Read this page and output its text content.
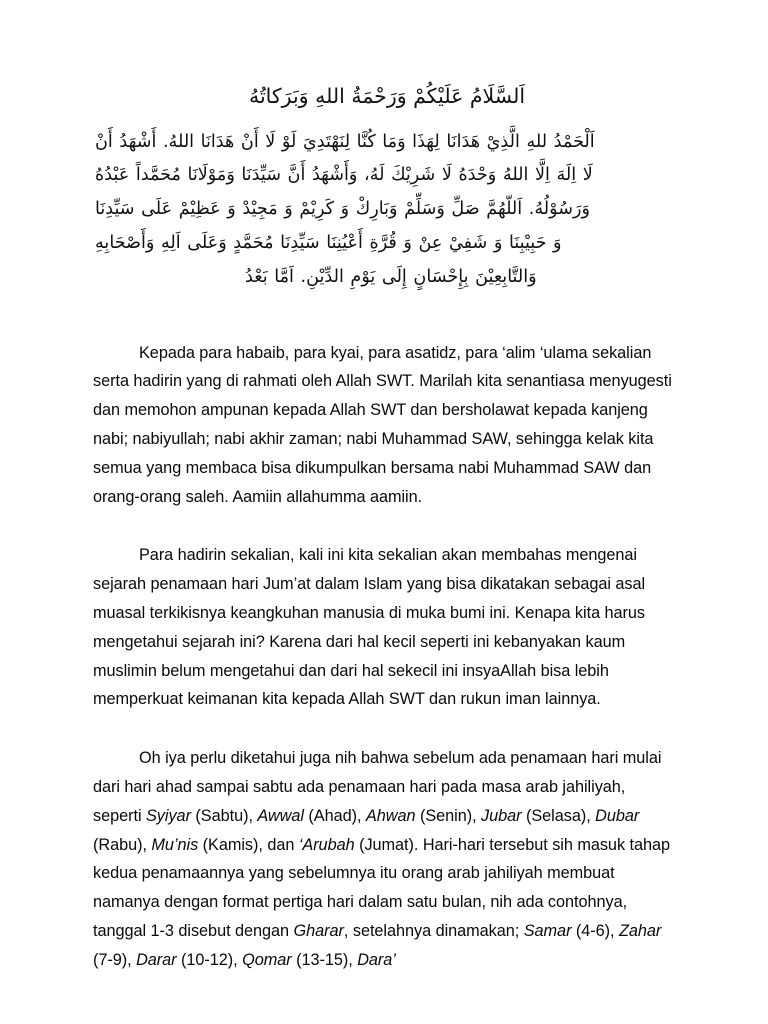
اَلسَّلَامُ عَلَيْكُمْ وَرَحْمَةُ اللهِ وَبَرَكاتُهُ
اَلْحَمْدُ للهِ الَّذِيْ هَدَانَا لِهَذَا وَمَا كُنَّا لِنَهْتَدِيَ لَوْ لَا أَنْ هَدَانَا اللهُ. أَشْهَدُ أَنْ
لَا اِلَهَ اِلَّا اللهُ وَحْدَهُ لَا شَرِيْكَ لَهُ، وَأَشْهَدُ أَنَّ سَيِّدَنَا وَمَوْلَانَا مُحَمَّداً عَبْدُهُ
وَرَسُوْلُهُ. اَللّهُمَّ صَلِّ وَسَلِّمْ وَبَارِكْ وَ كَرِيْمْ وَ مَجِيْدْ وَ عَظِيْمْ عَلَى سَيِّدِنَا
وَ حَبِيْبِنَا وَ شَفِيْ عِنْ وَ قُرَّةِ أَعْيُنِنَا سَيِّدِنَا مُحَمَّدٍ وَعَلَى اَلِهِ وَأَصْحَابِهِ
وَالتَّابِعِيْنَ بِإِحْسَانٍ إِلَى يَوْمِ الدِّيْنِ. اَمَّا بَعْدُ

Kepada para habaib, para kyai, para asatidz, para ‘alim ‘ulama sekalian serta hadirin yang di rahmati oleh Allah SWT. Marilah kita senantiasa menyugesti dan memohon ampunan kepada Allah SWT dan bersholawat kepada kanjeng nabi; nabiyullah; nabi akhir zaman; nabi Muhammad SAW, sehingga kelak kita semua yang membaca bisa dikumpulkan bersama nabi Muhammad SAW dan orang-orang saleh. Aamiin allahumma aamiin.

Para hadirin sekalian, kali ini kita sekalian akan membahas mengenai sejarah penamaan hari Jum’at dalam Islam yang bisa dikatakan sebagai asal muasal terkikisnya keangkuhan manusia di muka bumi ini. Kenapa kita harus mengetahui sejarah ini? Karena dari hal kecil seperti ini kebanyakan kaum muslimin belum mengetahui dan dari hal sekecil ini insyaAllah bisa lebih memperkuat keimanan kita kepada Allah SWT dan rukun iman lainnya.

Oh iya perlu diketahui juga nih bahwa sebelum ada penamaan hari mulai dari hari ahad sampai sabtu ada penamaan hari pada masa arab jahiliyah, seperti Syiyar (Sabtu), Awwal (Ahad), Ahwan (Senin), Jubar (Selasa), Dubar (Rabu), Mu’nis (Kamis), dan ‘Arubah (Jumat). Hari-hari tersebut sih masuk tahap kedua penamaannya yang sebelumnya itu orang arab jahiliyah membuat namanya dengan format pertiga hari dalam satu bulan, nih ada contohnya, tanggal 1-3 disebut dengan Gharar, setelahnya dinamakan; Samar (4-6), Zahar (7-9), Darar (10-12), Qomar (13-15), Dara’
